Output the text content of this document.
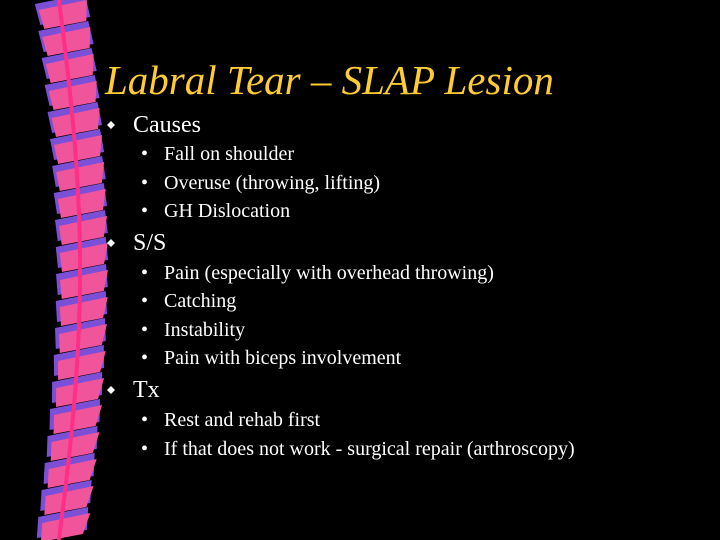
Labral Tear – SLAP Lesion
Causes
• Fall on shoulder
• Overuse (throwing, lifting)
• GH Dislocation
S/S
• Pain (especially with overhead throwing)
• Catching
• Instability
• Pain with biceps involvement
Tx
• Rest and rehab first
• If that does not work - surgical repair (arthroscopy)
